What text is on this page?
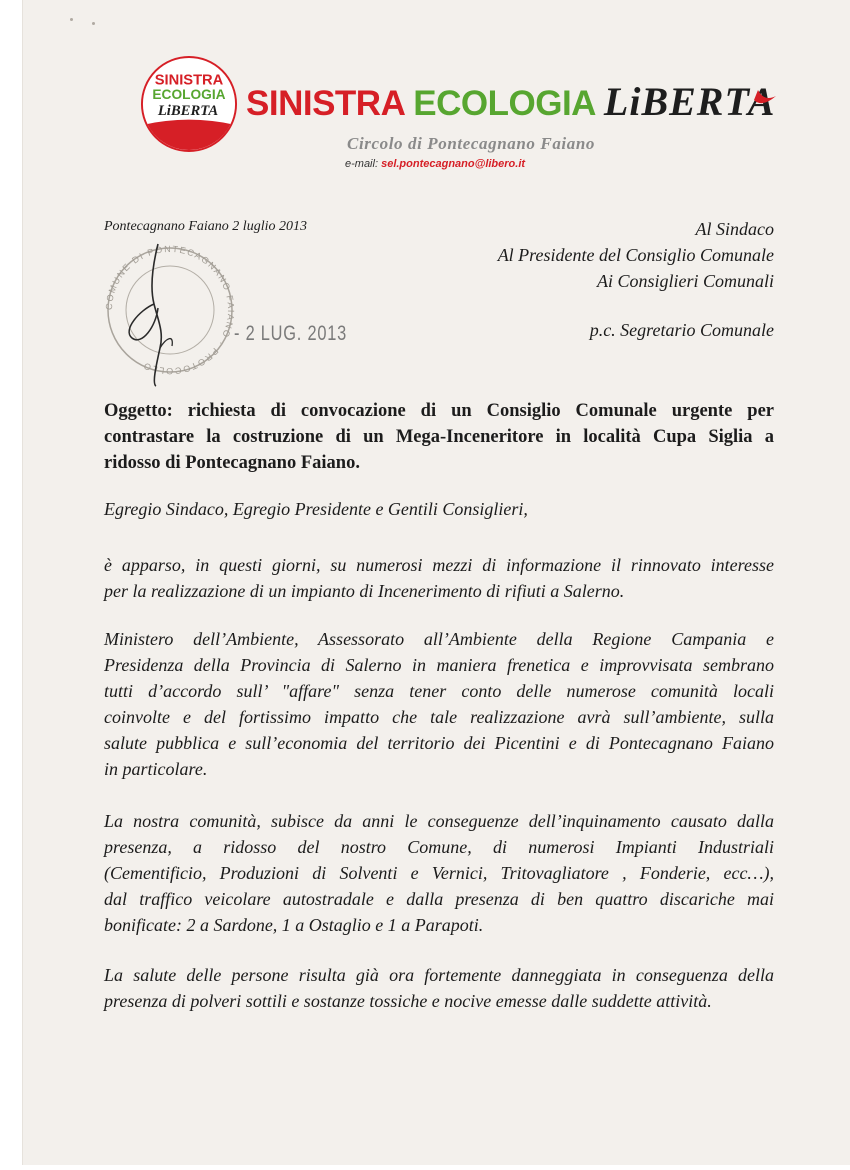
SINISTRA
ECOLOGIA
LiBERTA SINISTRA ECOLOGIA LiBERTA
Circolo di Pontecagnano Faiano
e-mail: sel.pontecagnano@libero.it
Pontecagnano Faiano 2 luglio 2013	Al Sindaco
Al Presidente del Consiglio Comunale
Ai Consiglieri Comunali
p.c. Segretario Comunale
COMUNE DI PONTECAGNANO FAIANO · PROTOCOLLO
- 2 LUG. 2013
Oggetto: richiesta di convocazione di un Consiglio Comunale urgente per
contrastare la costruzione di un Mega-Inceneritore in località Cupa Siglia a
ridosso di Pontecagnano Faiano.
Egregio Sindaco, Egregio Presidente e Gentili Consiglieri,
è apparso, in questi giorni, su numerosi mezzi di informazione il rinnovato interesse
per la realizzazione di un impianto di Incenerimento di rifiuti a Salerno.
Ministero dell’Ambiente, Assessorato all’Ambiente della Regione Campania e
Presidenza della Provincia di Salerno in maniera frenetica e improvvisata sembrano
tutti d’accordo sull’ "affare" senza tener conto delle numerose comunità locali
coinvolte e del fortissimo impatto che tale realizzazione avrà sull’ambiente, sulla
salute pubblica e sull’economia del territorio dei Picentini e di Pontecagnano Faiano
in particolare.
La nostra comunità, subisce da anni le conseguenze dell’inquinamento causato dalla
presenza, a ridosso del nostro Comune, di numerosi Impianti Industriali
(Cementificio, Produzioni di Solventi e Vernici, Tritovagliatore , Fonderie, ecc…),
dal traffico veicolare autostradale e dalla presenza di ben quattro discariche mai
bonificate: 2 a Sardone, 1 a Ostaglio e 1 a Parapoti.
La salute delle persone risulta già ora fortemente danneggiata in conseguenza della
presenza di polveri sottili e sostanze tossiche e nocive emesse dalle suddette attività.
